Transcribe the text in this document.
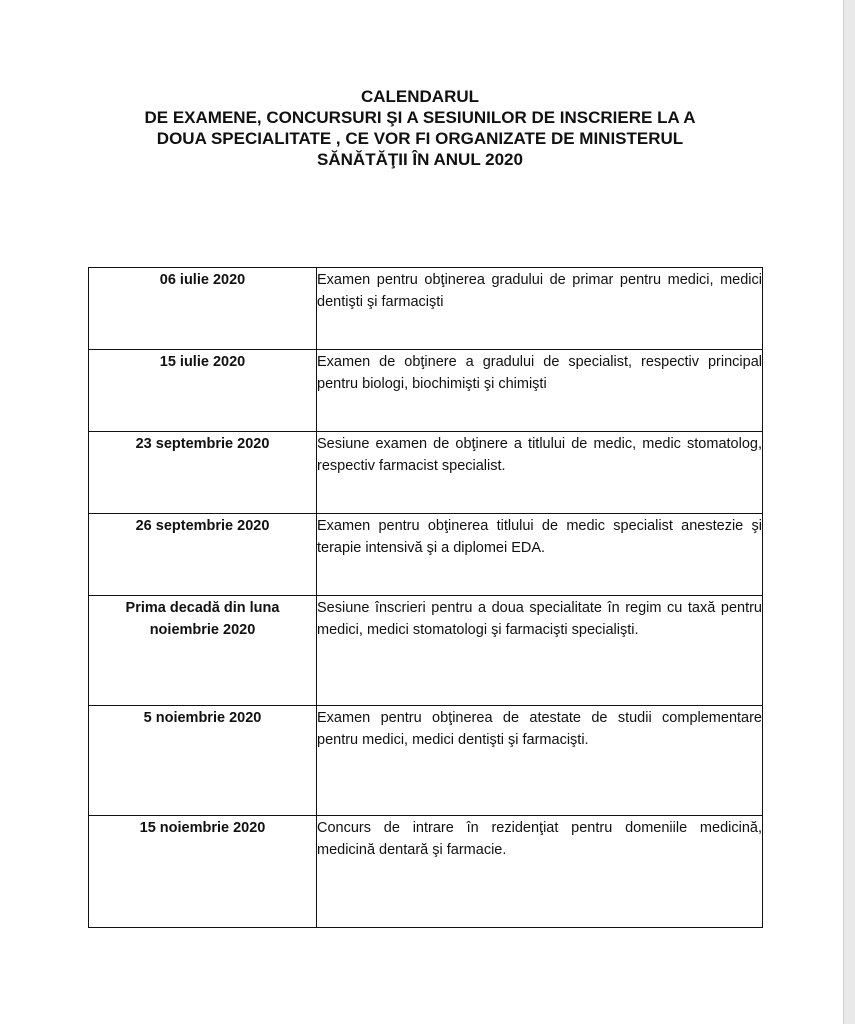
CALENDARUL
DE EXAMENE, CONCURSURI ŞI A SESIUNILOR DE INSCRIERE LA A
DOUA SPECIALITATE , CE VOR FI ORGANIZATE DE MINISTERUL
SĂNĂTĂŢII ÎN ANUL 2020
06 iulie 2020	Examen pentru obţinerea gradului de primar pentru medici, medici dentişti şi farmacişti

15 iulie 2020	Examen de obţinere a gradului de specialist, respectiv principal pentru biologi, biochimişti şi chimişti

23 septembrie 2020	Sesiune examen de obţinere a titlului de medic, medic stomatolog, respectiv farmacist specialist.

26 septembrie 2020	Examen pentru obţinerea titlului de medic specialist anestezie şi terapie intensivă şi a diplomei EDA.

Prima decadă din luna noiembrie 2020	Sesiune înscrieri pentru a doua specialitate în regim cu taxă pentru medici, medici stomatologi şi farmacişti specialişti.

5 noiembrie 2020	Examen pentru obţinerea de atestate de studii complementare pentru medici, medici dentişti şi farmacişti.

15 noiembrie 2020	Concurs de intrare în rezidenţiat pentru domeniile medicină, medicină dentară şi farmacie.
